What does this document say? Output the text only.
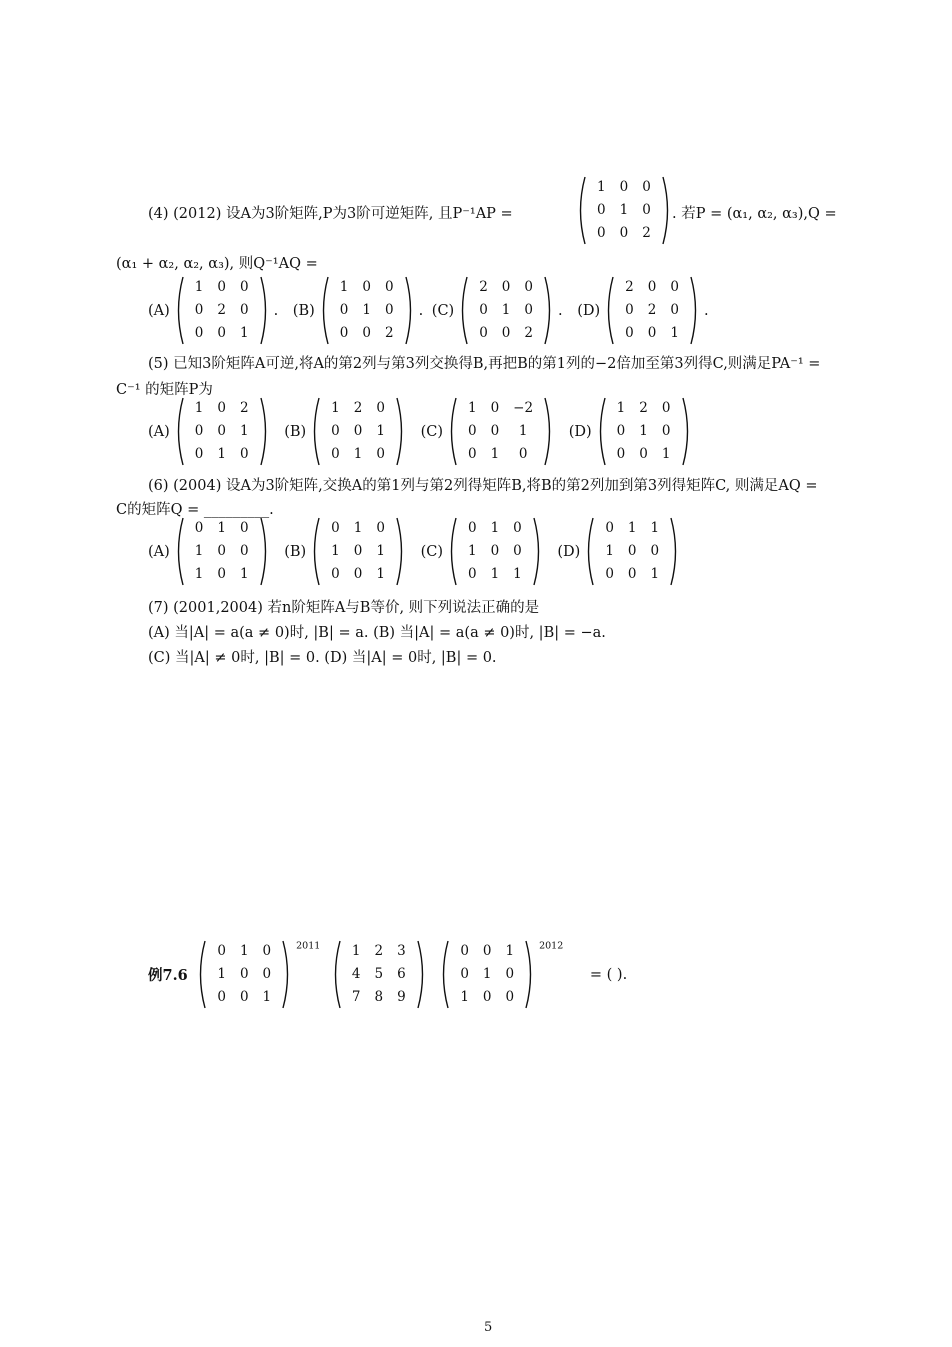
(4) (2012) 设A为3阶矩阵,P为3阶可逆矩阵, 且P⁻¹AP =
1	0	0
0	1	0
0	0	2
. 若P = (α₁, α₂, α₃),Q =
(α₁ + α₂, α₂, α₃), 则Q⁻¹AQ =
(A)
1	0	0
0	2	0
0	0	1
. (B)
1	0	0
0	1	0
0	0	2
. (C)
2	0	0
0	1	0
0	0	2
. (D)
2	0	0
0	2	0
0	0	1
.
(5) 已知3阶矩阵A可逆,将A的第2列与第3列交换得B,再把B的第1列的−2倍加至第3列得C,则满足PA⁻¹ =
C⁻¹ 的矩阵P为
(A)
1	0	2
0	0	1
0	1	0
(B)
1	2	0
0	0	1
0	1	0
(C)
1	0	−2
0	0	1
0	1	0
(D)
1	2	0
0	1	0
0	0	1
(6) (2004) 设A为3阶矩阵,交换A的第1列与第2列得矩阵B,将B的第2列加到第3列得矩阵C, 则满足AQ =
C的矩阵Q = _________.
(A)
0	1	0
1	0	0
1	0	1
(B)
0	1	0
1	0	1
0	0	1
(C)
0	1	0
1	0	0
0	1	1
(D)
0	1	1
1	0	0
0	0	1
(7) (2001,2004) 若n阶矩阵A与B等价, 则下列说法正确的是
(A) 当|A| = a(a ≠ 0)时, |B| = a. (B) 当|A| = a(a ≠ 0)时, |B| = −a.
(C) 当|A| ≠ 0时, |B| = 0. (D) 当|A| = 0时, |B| = 0.
例7.6
0	1	0
1	0	0
0	0	1
$^{2011}$ 1	2	3
4	5	6
7	8	9

0	0	1
0	1	0
1	0	0
$^{2012}$ = ( ).
5
